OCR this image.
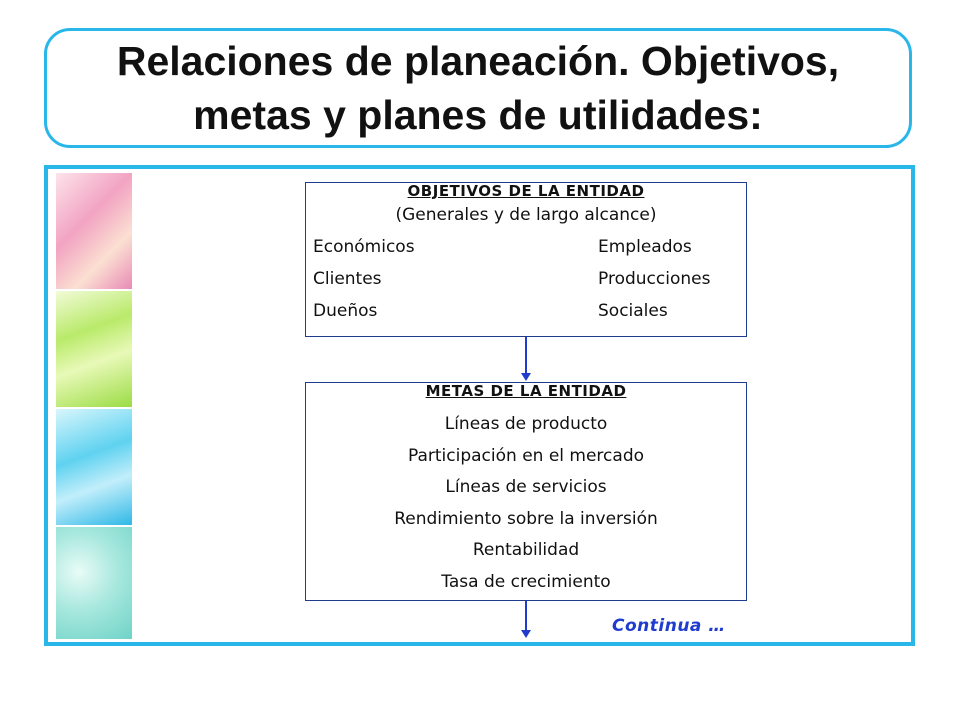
Relaciones de planeación. Objetivos,
metas y planes de utilidades:
OBJETIVOS DE LA ENTIDAD
(Generales y de largo alcance)
Económicos	Empleados
Clientes	Producciones
Dueños	Sociales
METAS DE LA ENTIDAD
Líneas de producto
Participación en el mercado
Líneas de servicios
Rendimiento sobre la inversión
Rentabilidad
Tasa de crecimiento
Continua …
